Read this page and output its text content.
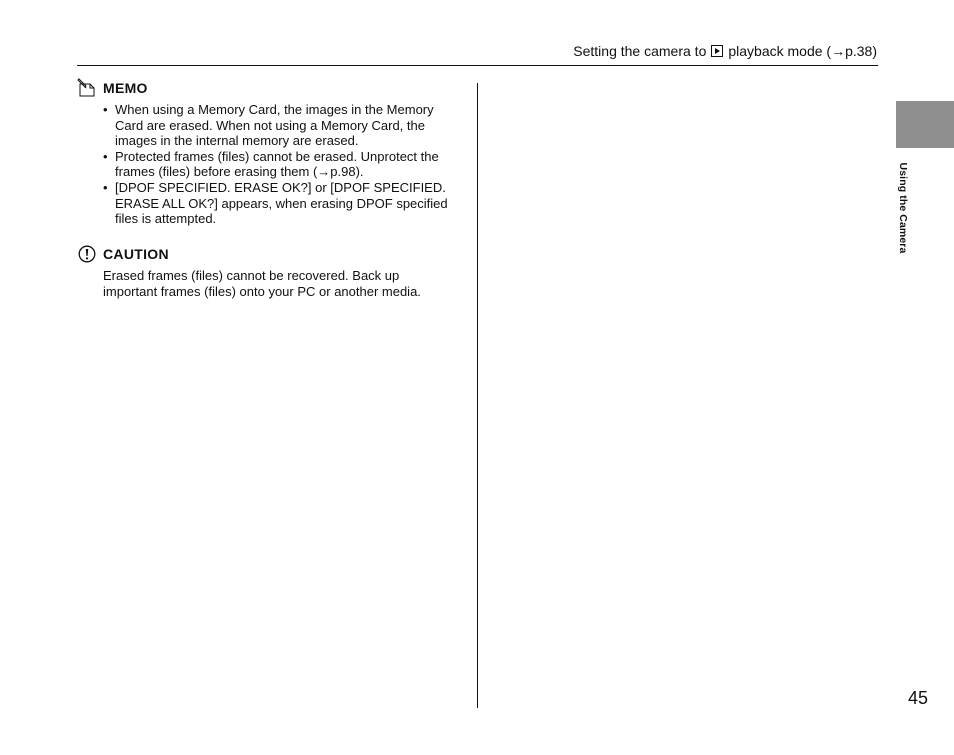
Setting the camera to playback mode (→p.38)
Using the Camera
MEMO
• When using a Memory Card, the images in the Memory Card are erased. When not using a Memory Card, the images in the internal memory are erased.
• Protected frames (files) cannot be erased. Unprotect the frames (files) before erasing them (→p.98).
• [DPOF SPECIFIED. ERASE OK?] or [DPOF SPECIFIED. ERASE ALL OK?] appears, when erasing DPOF specified files is attempted.
CAUTION
Erased frames (files) cannot be recovered. Back up important frames (files) onto your PC or another media.
45
